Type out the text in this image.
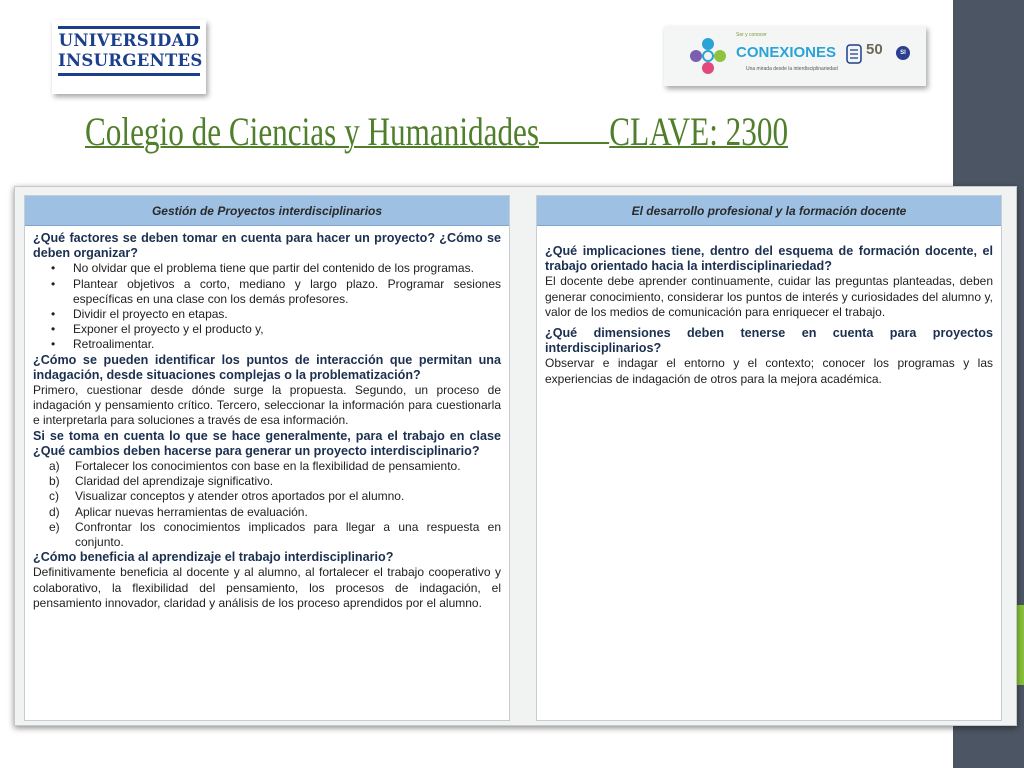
UNIVERSIDAD
INSURGENTES
Ser y conocer
CONEXIONES
Una mirada desde la interdisciplinariedad
50	SI
Colegio de Ciencias y Humanidades CLAVE: 2300
Gestión de Proyectos interdisciplinarios
¿Qué factores se deben tomar en cuenta para hacer un proyecto? ¿Cómo se deben organizar?
•	No olvidar que el problema tiene que partir del contenido de los programas.
•	Plantear objetivos a corto, mediano y largo plazo. Programar sesiones específicas en una clase con los demás profesores.
•	Dividir el proyecto en etapas.
•	Exponer el proyecto y el producto y,
•	Retroalimentar.
¿Cómo se pueden identificar los puntos de interacción que permitan una indagación, desde situaciones complejas o la problematización?
Primero, cuestionar desde dónde surge la propuesta. Segundo, un proceso de indagación y pensamiento crítico. Tercero, seleccionar la información para cuestionarla e interpretarla para soluciones a través de esa información.
Si se toma en cuenta lo que se hace generalmente, para el trabajo en clase ¿Qué cambios deben hacerse para generar un proyecto interdisciplinario?
a)	Fortalecer los conocimientos con base en la flexibilidad de pensamiento.
b)	Claridad del aprendizaje significativo.
c)	Visualizar conceptos y atender otros aportados por el alumno.
d)	Aplicar nuevas herramientas de evaluación.
e)	Confrontar los conocimientos implicados para llegar a una respuesta en conjunto.
¿Cómo beneficia al aprendizaje el trabajo interdisciplinario?
Definitivamente beneficia al docente y al alumno, al fortalecer el trabajo cooperativo y colaborativo, la flexibilidad del pensamiento, los procesos de indagación, el pensamiento innovador, claridad y análisis de los proceso aprendidos por el alumno.
El desarrollo profesional y la formación docente
¿Qué implicaciones tiene, dentro del esquema de formación docente, el trabajo orientado hacia la interdisciplinariedad?
El docente debe aprender continuamente, cuidar las preguntas planteadas, deben generar conocimiento, considerar los puntos de interés y curiosidades del alumno y, valor de los medios de comunicación para enriquecer el trabajo.
¿Qué dimensiones deben tenerse en cuenta para proyectos interdisciplinarios?
Observar e indagar el entorno y el contexto; conocer los programas y las experiencias de indagación de otros para la mejora académica.
